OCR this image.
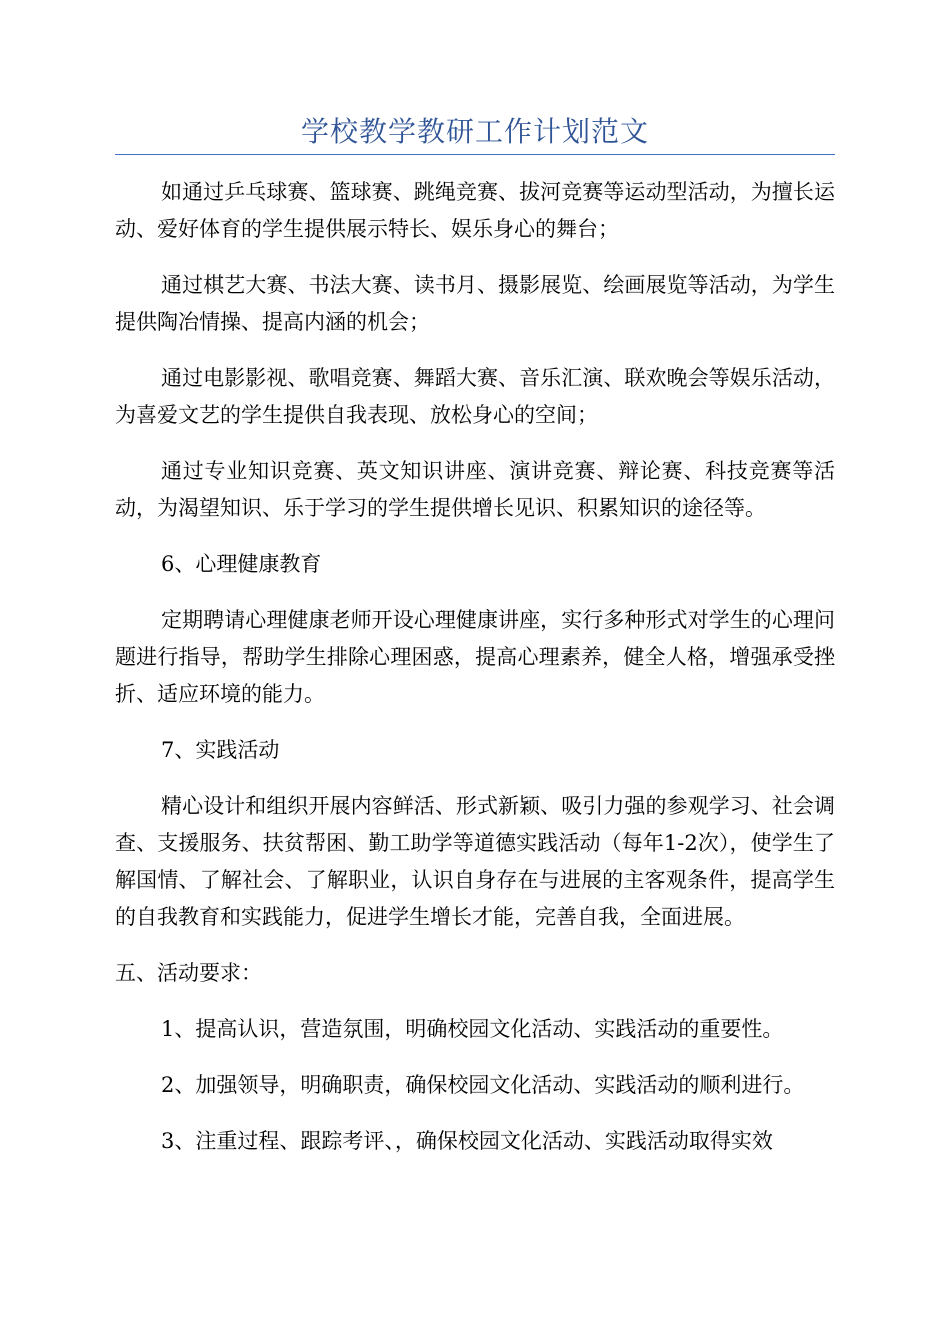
学校教学教研工作计划范文

如通过乒乓球赛、篮球赛、跳绳竞赛、拔河竞赛等运动型活动，为擅长运动、爱好体育的学生提供展示特长、娱乐身心的舞台；

通过棋艺大赛、书法大赛、读书月、摄影展览、绘画展览等活动，为学生提供陶冶情操、提高内涵的机会；

通过电影影视、歌唱竞赛、舞蹈大赛、音乐汇演、联欢晚会等娱乐活动，为喜爱文艺的学生提供自我表现、放松身心的空间；

通过专业知识竞赛、英文知识讲座、演讲竞赛、辩论赛、科技竞赛等活动，为渴望知识、乐于学习的学生提供增长见识、积累知识的途径等。

6、心理健康教育

定期聘请心理健康老师开设心理健康讲座，实行多种形式对学生的心理问题进行指导，帮助学生排除心理困惑，提高心理素养，健全人格，增强承受挫折、适应环境的能力。

7、实践活动

精心设计和组织开展内容鲜活、形式新颖、吸引力强的参观学习、社会调查、支援服务、扶贫帮困、勤工助学等道德实践活动（每年1-2次），使学生了解国情、了解社会、了解职业，认识自身存在与进展的主客观条件，提高学生的自我教育和实践能力，促进学生增长才能，完善自我，全面进展。

五、活动要求：

1、提高认识，营造氛围，明确校园文化活动、实践活动的重要性。

2、加强领导，明确职责，确保校园文化活动、实践活动的顺利进行。

3、注重过程、跟踪考评、，确保校园文化活动、实践活动取得实效
